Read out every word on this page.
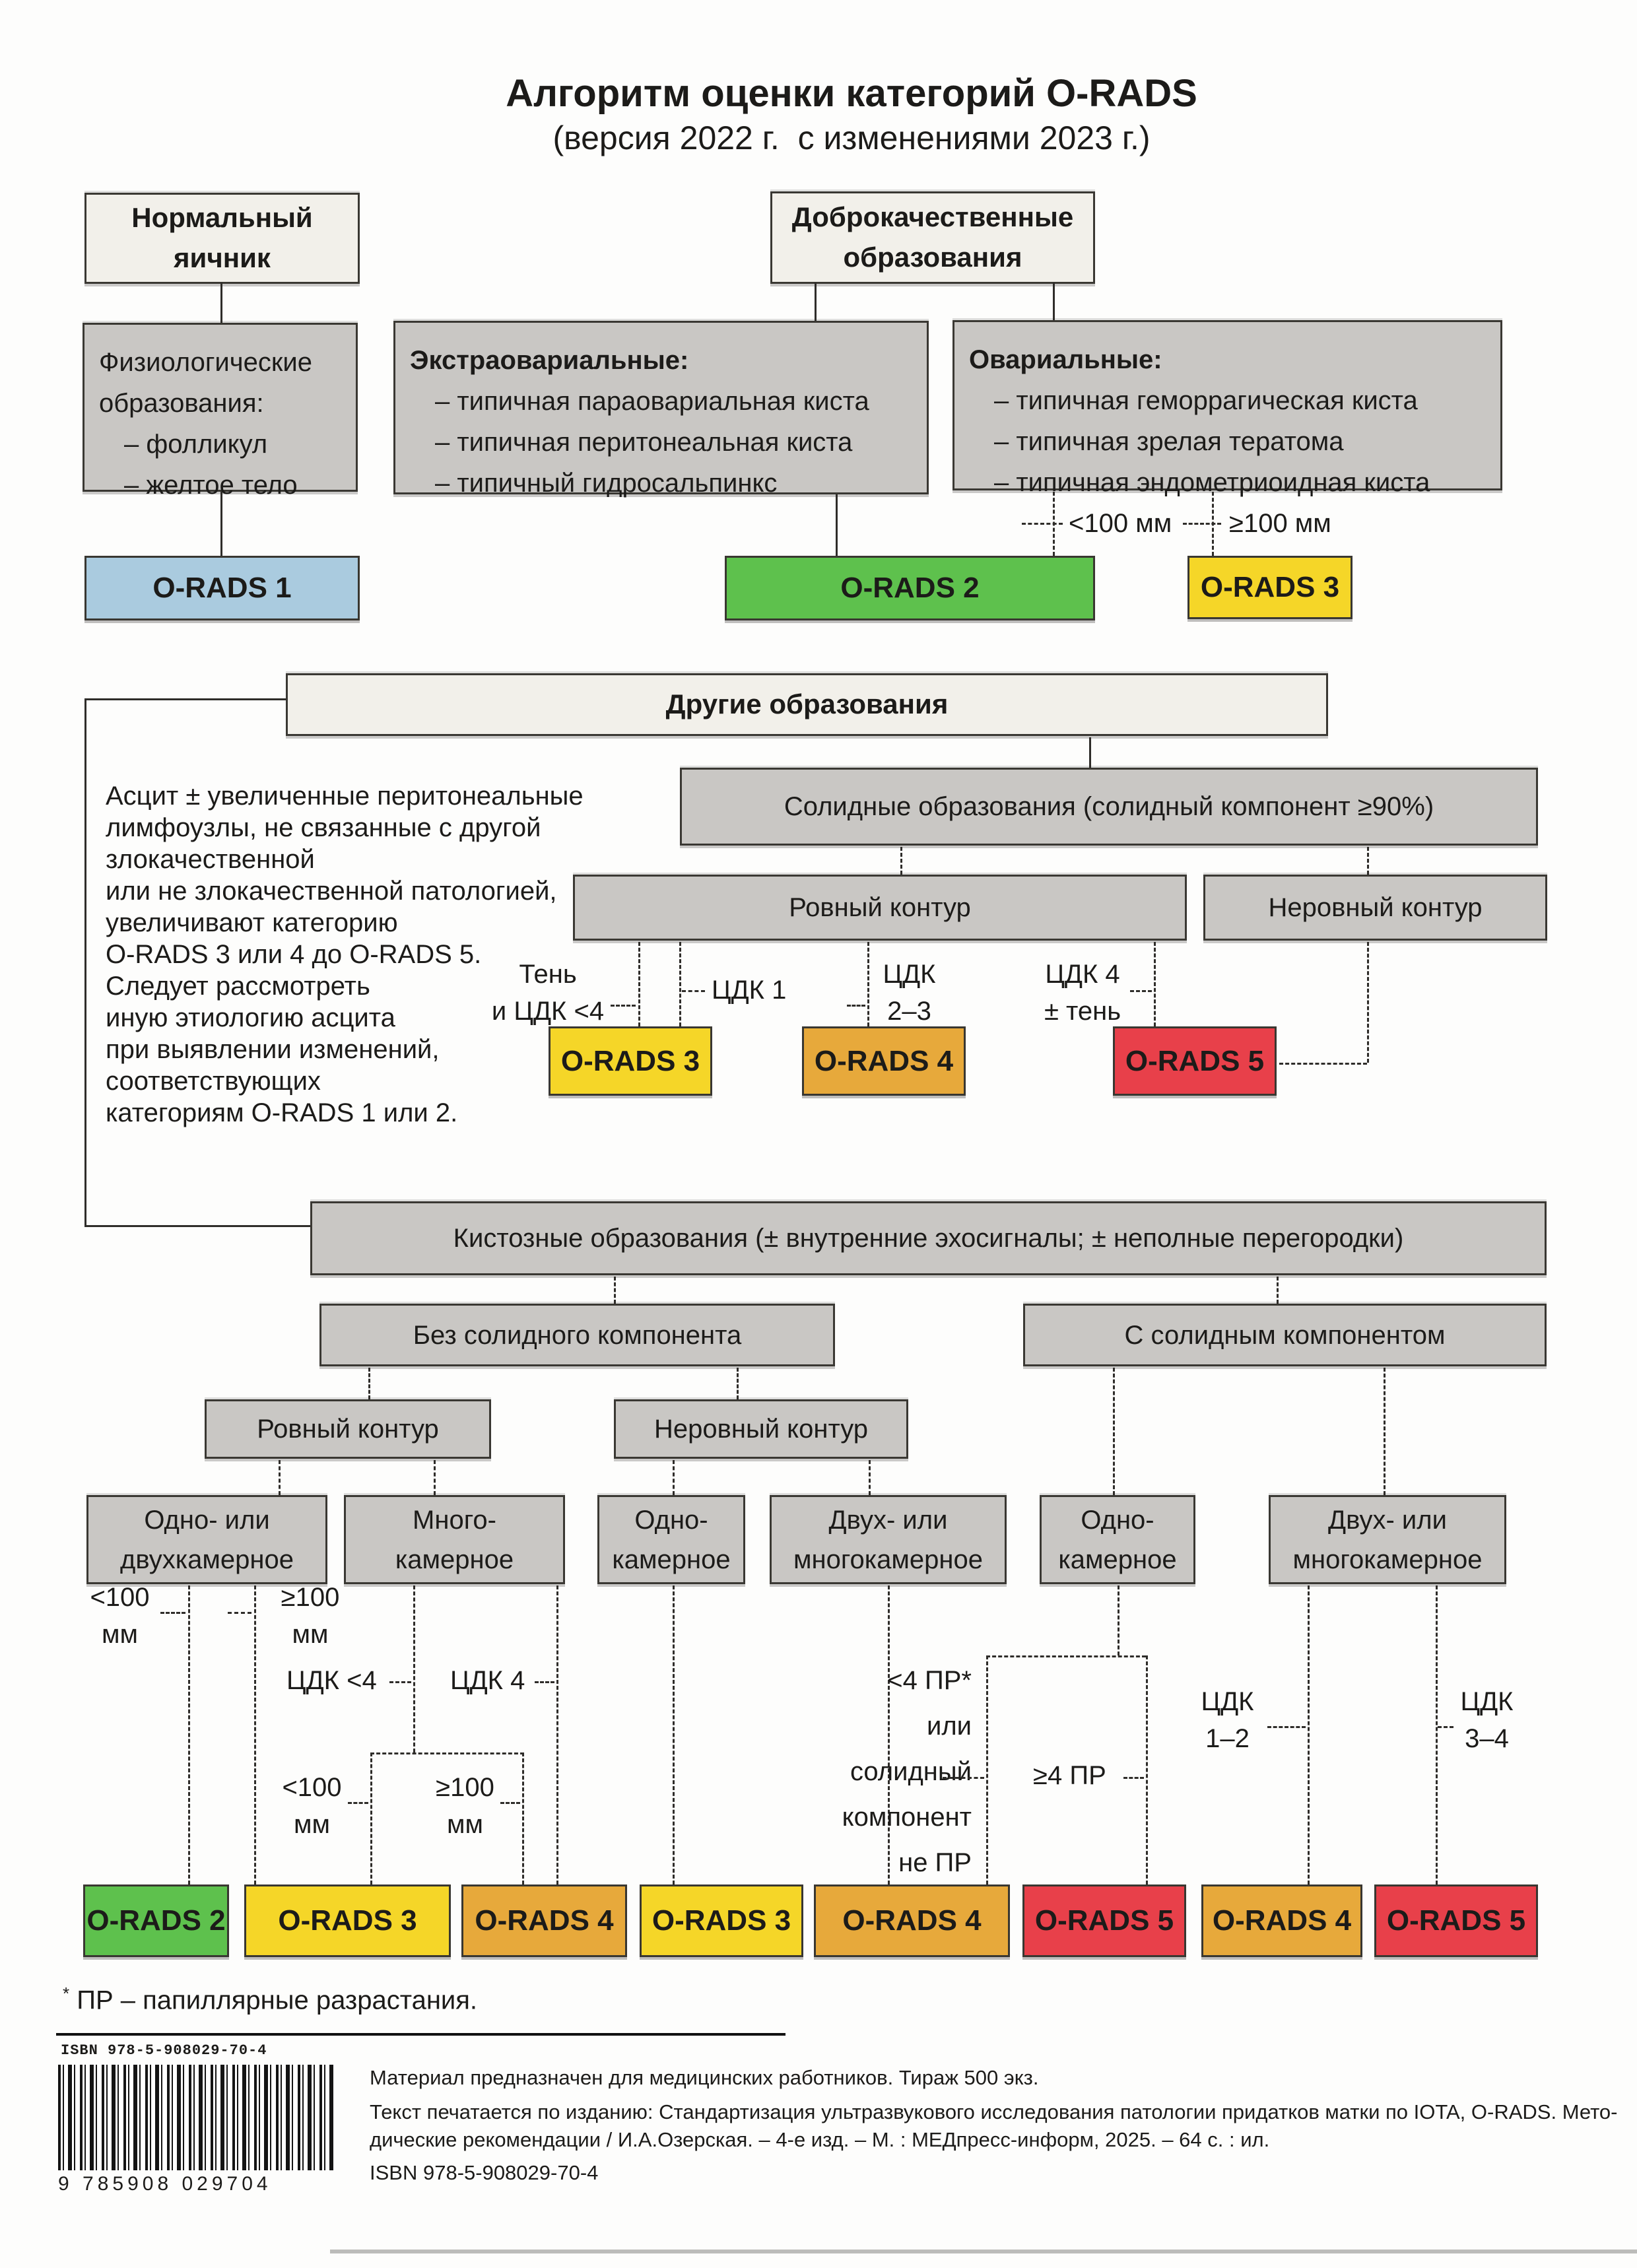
Алгоритм оценки категорий O-RADS
(версия 2022 г.  с изменениями 2023 г.)
Нормальный
яичник
Доброкачественные
образования
Физиологические
образования:
– фолликул
– желтое тело
Экстраовариальные:
– типичная параовариальная киста
– типичная перитонеальная киста
– типичный гидросальпинкс
Овариальные:
– типичная геморрагическая киста
– типичная зрелая тератома
– типичная эндометриоидная киста
<100 мм ≥100 мм
O-RADS 1	O-RADS 2	O-RADS 3
Другие образования
Асцит ± увеличенные перитонеальные
лимфоузлы, не связанные с другой
злокачественной
или не злокачественной патологией,
увеличивают категорию
O-RADS 3 или 4 до O-RADS 5.
Следует рассмотреть
иную этиологию асцита
при выявлении изменений,
соответствующих
категориям O-RADS 1 или 2.
Солидные образования (солидный компонент ≥90%)
Ровный контур	Неровный контур
Тень
и ЦДК <4
ЦДК 1
ЦДК
2–3
ЦДК 4
± тень
O-RADS 3	O-RADS 4	O-RADS 5
Кистозные образования (± внутренние эхосигналы; ± неполные перегородки)
Без солидного компонента	С солидным компонентом
Ровный контур	Неровный контур
Одно- или
двухкамерное
Много-
камерное
Одно-
камерное
Двух- или
многокамерное
Одно-
камерное
Двух- или
многокамерное
<100
мм
≥100
мм
ЦДК <4	ЦДК 4
<100
мм
≥100
мм
<4 ПР*
или
солидный
компонент
не ПР
≥4 ПР
ЦДК
1–2
ЦДК
3–4
O-RADS 2	O-RADS 3	O-RADS 4	O-RADS 3	O-RADS 4	O-RADS 5	O-RADS 4	O-RADS 5
* ПР – папиллярные разрастания.
ISBN 978-5-908029-70-4
9 785908 029704
Материал предназначен для медицинских работников. Тираж 500 экз.
Текст печатается по изданию: Стандартизация ультразвукового исследования патологии придатков матки по IOTA, O-RADS. Мето-
дические рекомендации / И.А.Озерская. – 4-е изд. – М. : МЕДпресс-информ, 2025. – 64 с. : ил.
ISBN 978-5-908029-70-4
